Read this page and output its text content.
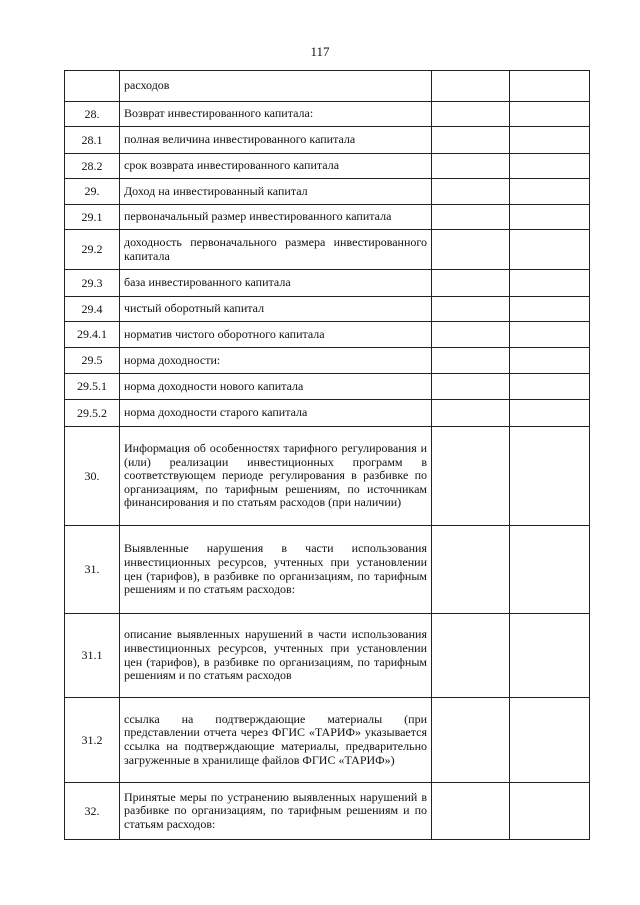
117
	расходов		
28.	Возврат инвестированного капитала:		
28.1	полная величина инвестированного капитала		
28.2	срок возврата инвестированного капитала		
29.	Доход на инвестированный капитал		
29.1	первоначальный размер инвестированного капитала		
29.2	доходность первоначального размера инвестированного капитала		
29.3	база инвестированного капитала		
29.4	чистый оборотный капитал		
29.4.1	норматив чистого оборотного капитала		
29.5	норма доходности:		
29.5.1	норма доходности нового капитала		
29.5.2	норма доходности старого капитала		
30.	Информация об особенностях тарифного регулирования и (или) реализации инвестиционных программ в соответствующем периоде регулирования в разбивке по организациям, по тарифным решениям, по источникам финансирования и по статьям расходов (при наличии)		
31.	Выявленные нарушения в части использования инвестиционных ресурсов, учтенных при установлении цен (тарифов), в разбивке по организациям, по тарифным решениям и по статьям расходов:		
31.1	описание выявленных нарушений в части использования инвестиционных ресурсов, учтенных при установлении цен (тарифов), в разбивке по организациям, по тарифным решениям и по статьям расходов		
31.2	ссылка на подтверждающие материалы (при представлении отчета через ФГИС «ТАРИФ» указывается ссылка на подтверждающие материалы, предварительно загруженные в хранилище файлов ФГИС «ТАРИФ»)		
32.	Принятые меры по устранению выявленных нарушений в разбивке по организациям, по тарифным решениям и по статьям расходов:		
